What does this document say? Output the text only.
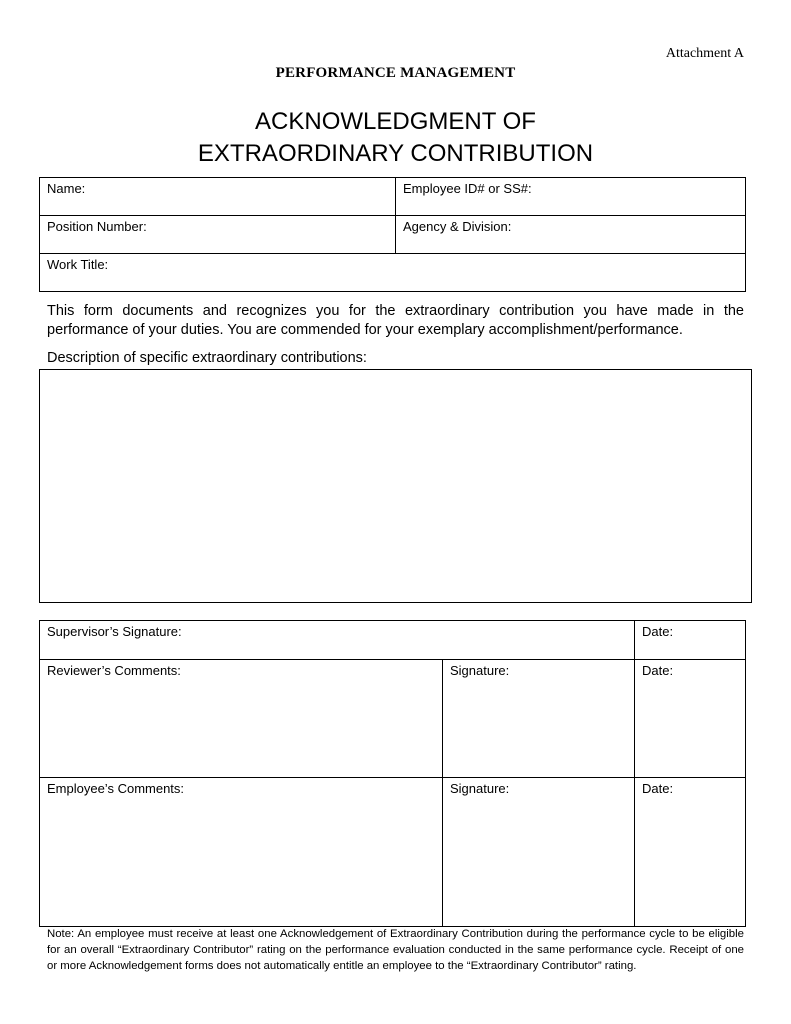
Attachment A
PERFORMANCE MANAGEMENT
ACKNOWLEDGMENT OF
EXTRAORDINARY CONTRIBUTION
Name:	Employee ID# or SS#:
Position Number:	Agency & Division:
Work Title:	

This form documents and recognizes you for the extraordinary contribution you have made in the performance of your duties. You are commended for your exemplary accomplishment/performance.

Description of specific extraordinary contributions:
Supervisor’s Signature:		Date:
Reviewer’s Comments:	Signature:	Date:
Employee’s Comments:	Signature:	Date:

Note: An employee must receive at least one Acknowledgement of Extraordinary Contribution during the performance cycle to be eligible for an overall “Extraordinary Contributor” rating on the performance evaluation conducted in the same performance cycle. Receipt of one or more Acknowledgement forms does not automatically entitle an employee to the “Extraordinary Contributor” rating.
